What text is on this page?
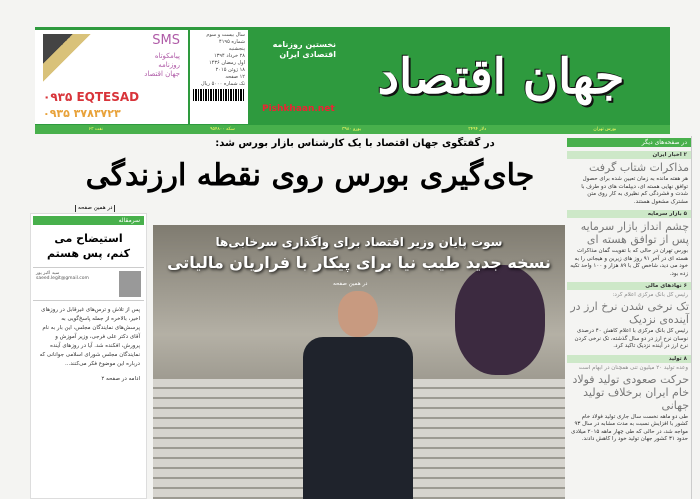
SMS
پیامکوتاه
روزنامه
جهان اقتصاد
۰۹۳۵ EQTESAD
۰۹۳۵ ۳۷۸۳۷۲۳
سال بیست و سوم
شماره ۴۱۹۵
پنجشنبه
۲۸ خرداد ۱۳۹۴
اول رمضان ۱۴۳۶
۱۸ ژوئن ۲۰۱۵
۱۲ صفحه
تک شماره ۵۰۰۰ ریال	جهان اقتصاد
نخستین روزنامه اقتصادی ایران
Pishkhaan.net
بورس تهران
دلار ۳۴۹۴
یورو ۳۹۸۰
سکه ۹۵۴۸۰۰
نفت ۶۳
در گفتگوی جهان اقتصاد با یک کارشناس بازار بورس شد:
جای‌گیری بورس روی نقطه ارزندگی
در همین صفحه
سوت پایان وزیر اقتصاد برای واگذاری سرخابی‌ها
نسخه جدید طیب نیا برای پیکار با فراریان مالیاتی
در همین صفحه
در صفحه‌های دیگر
۲ اخبار ایران
مذاکرات شتاب گرفت
هر هفته مانده به زمان تعیین شده برای حصول توافق نهایی هسته ای، دیپلمات های دو طرف با شدت و فشردگی کم نظیری به کار روی متن مشترک مشغول هستند.
۵ بازار سرمایه
چشم انداز بازار سرمایه پس از توافق هسته ای
بورس تهران در حالی که با تقویت گمان مذاکرات هسته ای در آخر ۹۱ روز های زیرین و هیجانی را به خود می دید، شاخص کل با ۸۹ هزار و ۱۰۰ واحد تکیه زده بود.
۶ نهادهای مالی
رئیس کل بانک مرکزی اعلام کرد:
تک نرخی شدن نرخ ارز در آینده‌ی نزدیک
رئیس کل بانک مرکزی با اعلام کاهش ۴۰ درصدی نوسان نرخ ارز در دو سال گذشته، تک نرخی کردن نرخ ارز در آینده نزدیک تاکید کرد.
۸ تولید
وعده تولید ۲۰ میلیون تنی همچنان در ابهام است
حرکت صعودی تولید فولاد خام ایران برخلاف تولید جهانی
طی دو ماهه نخست سال جاری تولید فولاد خام کشور با افزایش نسبت به مدت مشابه در سال ۹۳ مواجه شد، در حالی که طی چهار ماهه ۲۰۱۵ میلادی حدود ۳۱ کشور جهان تولید خود را کاهش دادند.
سرمقاله
استیضاح می کنم، پس هستم
سید اکبر پور
saeed.legit@gmail.com
پس از تلاش و ترس‌های غیرقابل در روزهای اخیر، بالاخره از جمله پاسخ‌گویی به پرسش‌های نمایندگان مجلس، این بار به نام آقای دکتر علی فرجی، وزیر آموزش و پرورش، افکنده شد. آیا در روزهای آینده نمایندگان مجلس شورای اسلامی جوانانی که درباره این موضوع فکر می‌کنند...
ادامه در صفحه ۲
